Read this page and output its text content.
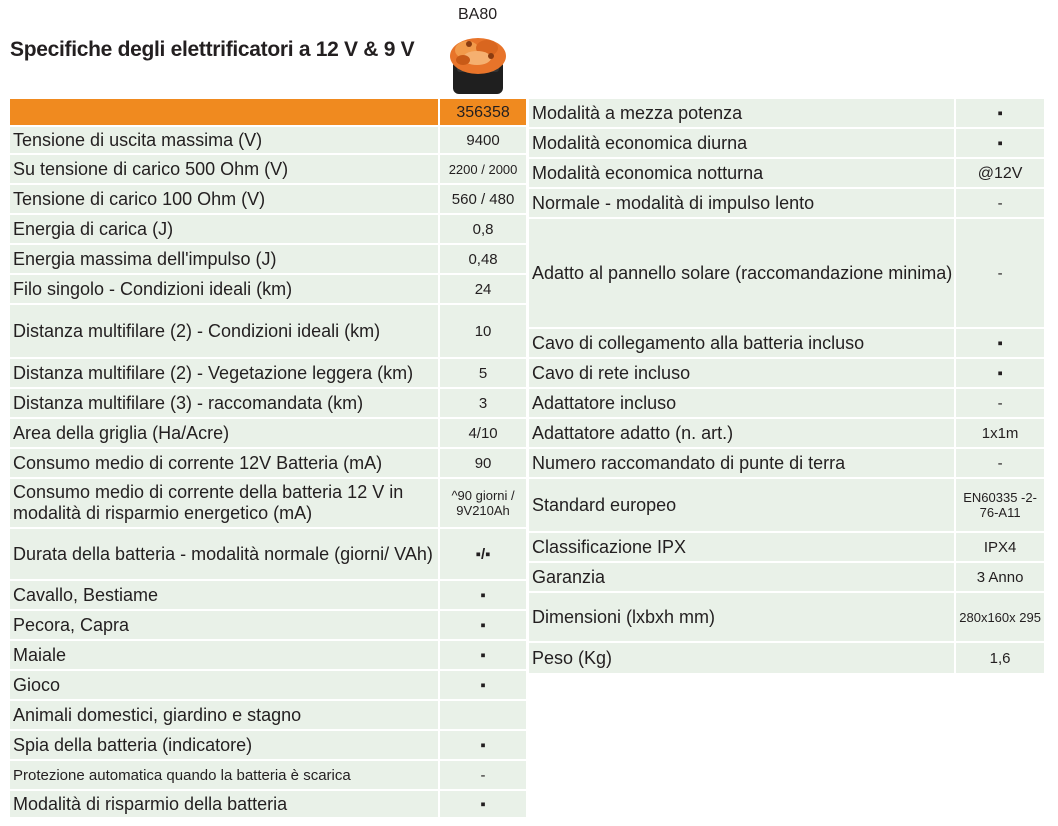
Specifiche degli elettrificatori a 12 V & 9 V
BA80
	356358
Tensione di uscita massima (V)	9400
Su tensione di carico 500 Ohm (V)	2200 / 2000
Tensione di carico 100 Ohm (V)	560 / 480
Energia di carica (J)	0,8
Energia massima dell'impulso (J)	0,48
Filo singolo - Condizioni ideali (km)	24
Distanza multifilare (2) - Condizioni ideali (km)	10
Distanza multifilare (2) - Vegetazione leggera (km)	5
Distanza multifilare (3) - raccomandata (km)	3
Area della griglia (Ha/Acre)	4/10
Consumo medio di corrente 12V Batteria (mA)	90
Consumo medio di corrente della batteria 12 V in modalità di risparmio energetico (mA)	^90 giorni / 9V210Ah
Durata della batteria - modalità normale (giorni/ VAh)	▪/▪
Cavallo, Bestiame	▪
Pecora, Capra	▪
Maiale	▪
Gioco	▪
Animali domestici, giardino e stagno	
Spia della batteria (indicatore)	▪
Protezione automatica quando la batteria è scarica	-
Modalità di risparmio della batteria	▪
Modalità a mezza potenza	▪
Modalità economica diurna	▪
Modalità economica notturna	@12V
Normale - modalità di impulso lento	-
Adatto al pannello solare (raccomandazione minima)	-
Cavo di collegamento alla batteria incluso	▪
Cavo di rete incluso	▪
Adattatore incluso	-
Adattatore adatto (n. art.)	1x1m
Numero raccomandato di punte di terra	-
Standard europeo	EN60335 -2-76-A11
Classificazione IPX	IPX4
Garanzia	3 Anno
Dimensioni (lxbxh mm)	280x160x 295
Peso (Kg)	1,6
